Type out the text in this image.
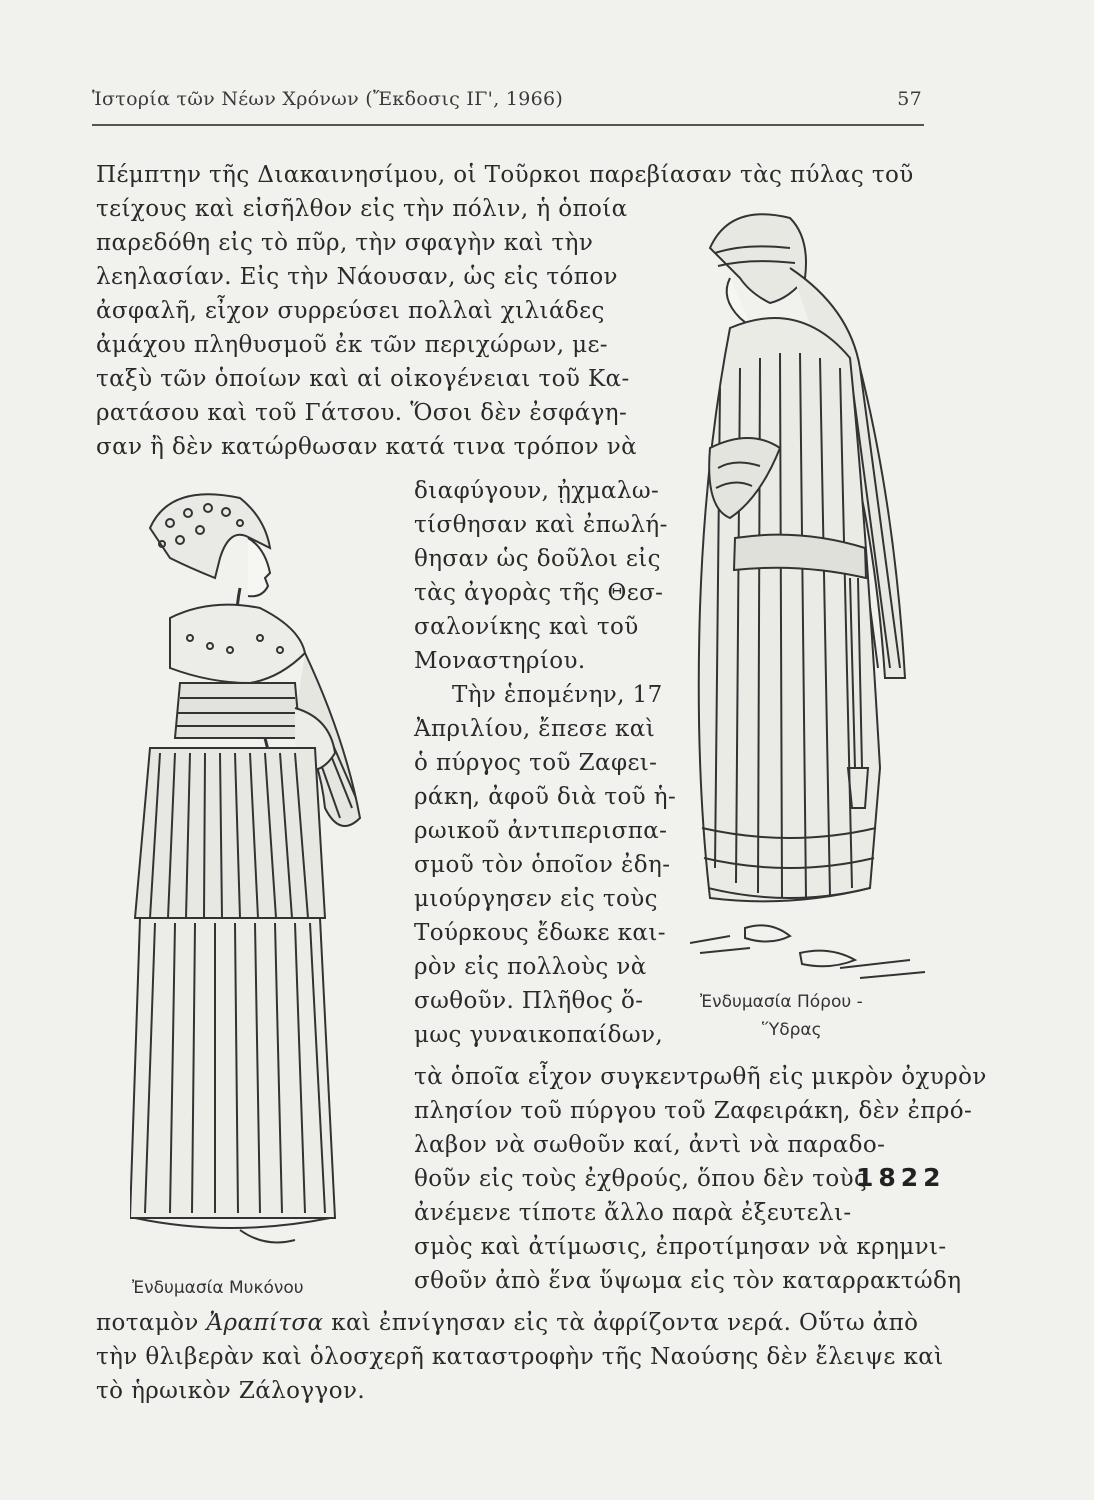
Ἱστορία τῶν Νέων Χρόνων (Ἔκδοσις ΙΓ', 1966)	57
Πέμπτην τῆς Διακαινησίμου, οἱ Τοῦρκοι παρεβίασαν τὰς πύλας τοῦ
τείχους καὶ εἰσῆλθον εἰς τὴν πόλιν, ἡ ὁποία
παρεδόθη εἰς τὸ πῦρ, τὴν σφαγὴν καὶ τὴν
λεηλασίαν. Εἰς τὴν Νάουσαν, ὡς εἰς τόπον
ἀσφαλῆ, εἶχον συρρεύσει πολλαὶ χιλιάδες
ἀμάχου πληθυσμοῦ ἐκ τῶν περιχώρων, με-
ταξὺ τῶν ὁποίων καὶ αἱ οἰκογένειαι τοῦ Κα-
ρατάσου καὶ τοῦ Γάτσου. Ὅσοι δὲν ἐσφάγη-
σαν ἢ δὲν κατώρθωσαν κατά τινα τρόπον νὰ
διαφύγουν, ᾐχμαλω-
τίσθησαν καὶ ἐπωλή-
θησαν ὡς δοῦλοι εἰς
τὰς ἀγορὰς τῆς Θεσ-
σαλονίκης καὶ τοῦ
Μοναστηρίου.
Τὴν ἑπομένην, 17
Ἀπριλίου, ἔπεσε καὶ
ὁ πύργος τοῦ Ζαφει-
ράκη, ἀφοῦ διὰ τοῦ ἡ-
ρωικοῦ ἀντιπερισπα-
σμοῦ τὸν ὁποῖον ἐδη-
μιούργησεν εἰς τοὺς
Τούρκους ἔδωκε και-
ρὸν εἰς πολλοὺς νὰ
σωθοῦν. Πλῆθος ὅ-
μως γυναικοπαίδων,
τὰ ὁποῖα εἶχον συγκεντρωθῆ εἰς μικρὸν ὀχυρὸν
πλησίον τοῦ πύργου τοῦ Ζαφειράκη, δὲν ἐπρό-
λαβον νὰ σωθοῦν καί, ἀντὶ νὰ παραδο-
θοῦν εἰς τοὺς ἐχθρούς, ὅπου δὲν τοὺς
ἀνέμενε τίποτε ἄλλο παρὰ ἐξευτελι-
σμὸς καὶ ἀτίμωσις, ἐπροτίμησαν νὰ κρημνι-
σθοῦν ἀπὸ ἕνα ὕψωμα εἰς τὸν καταρρακτώδη
ποταμὸν Ἀραπίτσα καὶ ἐπνίγησαν εἰς τὰ ἀφρίζοντα νερά. Οὕτω ἀπὸ
τὴν θλιβερὰν καὶ ὁλοσχερῆ καταστροφὴν τῆς Ναούσης δὲν ἔλειψε καὶ
τὸ ἡρωικὸν Ζάλογγον.
1822
Ἐνδυμασία Μυκόνου
Ἐνδυμασία Πόρου -
Ὕδρας
